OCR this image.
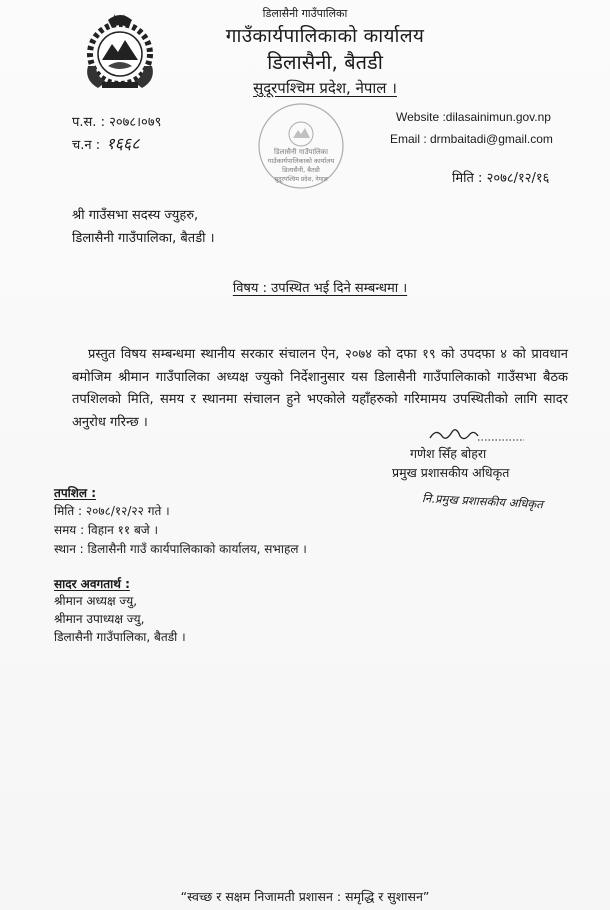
डिलासैनी गाउँपालिका
गाउँकार्यपालिकाको कार्यालय
डिलासैनी, बैतडी
सुदूरपश्चिम प्रदेश, नेपाल ।
प.स. : २०७८।०७९
च.न : १६६८	डिलासैनी गाउँपालिका
गाउँकार्यपालिकाको कार्यालय
डिलासैनी, बैतडी
सुदूरपश्चिम प्रदेश, नेपाल
Website :dilasainimun.gov.np
Email : drmbaitadi@gmail.com
मिति : २०७८/१२/१६
श्री गाउँसभा सदस्य ज्युहरु,
डिलासैनी गाउँपालिका, बैतडी ।
विषय : उपस्थित भई दिने सम्बन्धमा ।

प्रस्तुत विषय सम्बन्धमा स्थानीय सरकार संचालन ऐन, २०७४ को दफा १९ को उपदफा ४ को प्रावधान बमोजिम श्रीमान गाउँपालिका अध्यक्ष ज्युको निर्देशानुसार यस डिलासैनी गाउँपालिकाको गाउँसभा बैठक तपशिलको मिति, समय र स्थानमा संचालन हुने भएकोले यहाँहरुको गरिमामय उपस्थितीको लागि सादर अनुरोध गरिन्छ ।

गणेश सिँह बोहरा
प्रमुख प्रशासकीय अधिकृत
नि.प्रमुख प्रशासकीय अधिकृत
तपशिल :
मिति : २०७८/१२/२२ गते ।
समय : विहान ११ बजे ।
स्थान : डिलासैनी गाउँ कार्यपालिकाको कार्यालय, सभाहल ।
सादर अवगतार्थ :
श्रीमान अध्यक्ष ज्यु,
श्रीमान उपाध्यक्ष ज्यु,
डिलासैनी गाउँपालिका, बैतडी ।
“स्वच्छ र सक्षम निजामती प्रशासन : समृद्धि र सुशासन”
